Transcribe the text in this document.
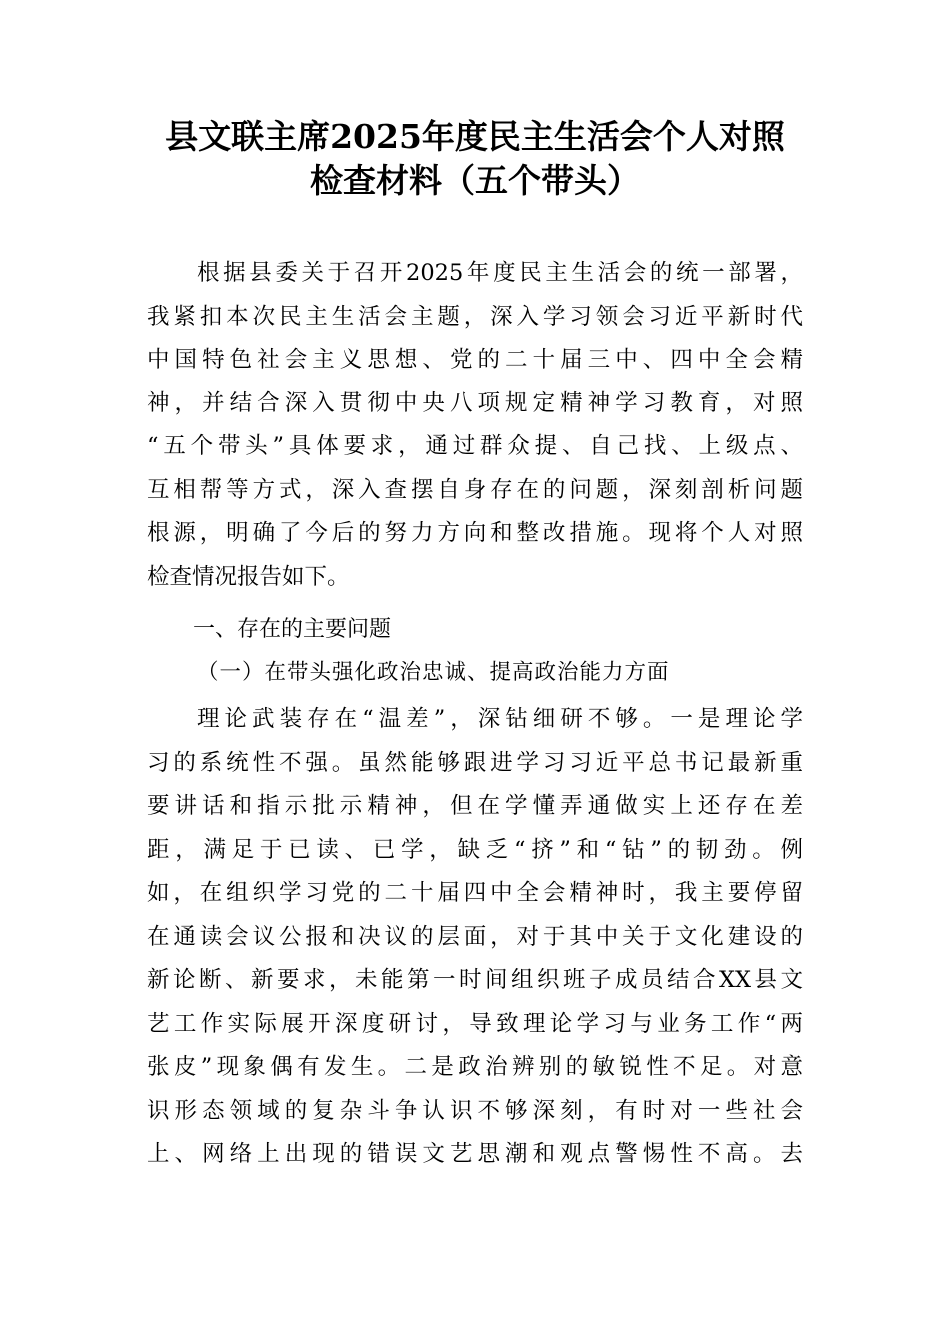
县文联主席2025年度民主生活会个人对照
检查材料（五个带头）
根据县委关于召开2025年度民主生活会的统一部署，
我紧扣本次民主生活会主题，深入学习领会习近平新时代
中国特色社会主义思想、党的二十届三中、四中全会精
神，并结合深入贯彻中央八项规定精神学习教育，对照
“五个带头”具体要求，通过群众提、自己找、上级点、
互相帮等方式，深入查摆自身存在的问题，深刻剖析问题
根源，明确了今后的努力方向和整改措施。现将个人对照
检查情况报告如下。
一、存在的主要问题
（一）在带头强化政治忠诚、提高政治能力方面
理论武装存在“温差”，深钻细研不够。一是理论学
习的系统性不强。虽然能够跟进学习习近平总书记最新重
要讲话和指示批示精神，但在学懂弄通做实上还存在差
距，满足于已读、已学，缺乏“挤”和“钻”的韧劲。例
如，在组织学习党的二十届四中全会精神时，我主要停留
在通读会议公报和决议的层面，对于其中关于文化建设的
新论断、新要求，未能第一时间组织班子成员结合XX县文
艺工作实际展开深度研讨，导致理论学习与业务工作“两
张皮”现象偶有发生。二是政治辨别的敏锐性不足。对意
识形态领域的复杂斗争认识不够深刻，有时对一些社会
上、网络上出现的错误文艺思潮和观点警惕性不高。去
